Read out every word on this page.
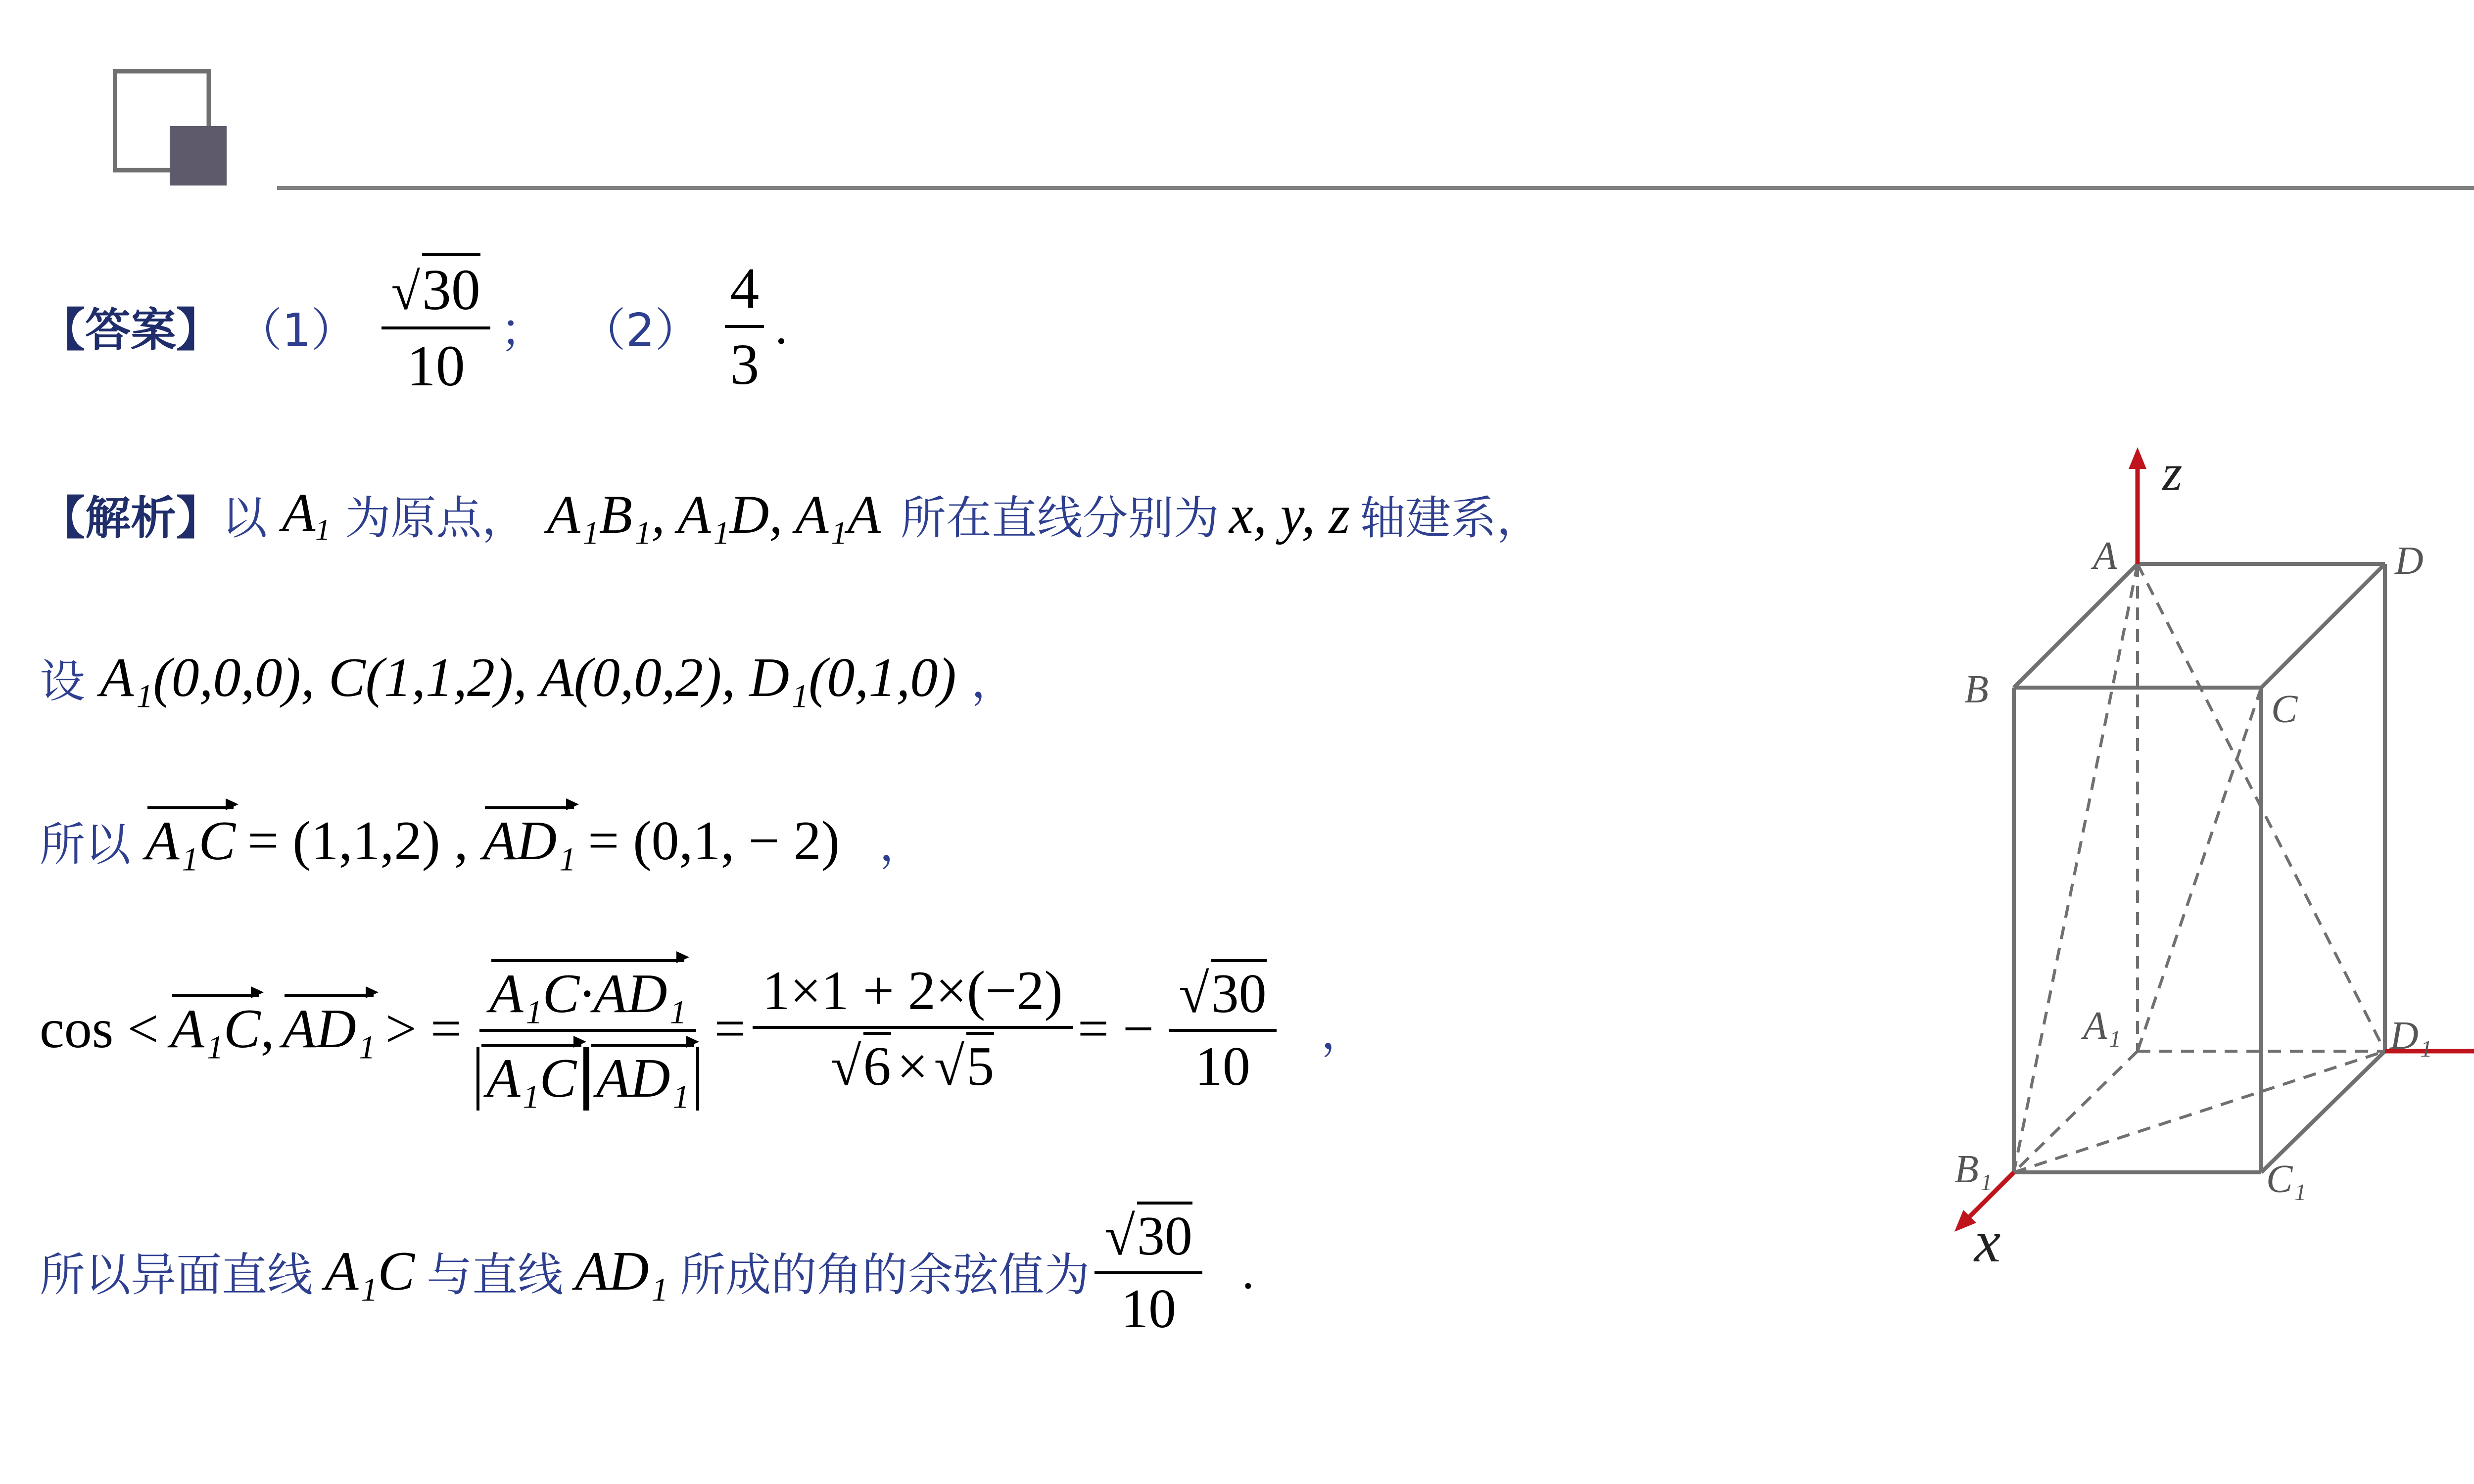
【答案】 $(1) \frac{√30}{10}$ ； $(2) \frac{4}{3}$ .
【解析】 以 $A_1$ 为原点， A₁B₁, A₁D, A₁A 所在直线分别为 x, y, z 轴建系，
设 A₁(0,0,0), C(1,1,2), A(0,0,2), D₁(0,1,0) ，
所以 A₁C = (1,1,2) , AD₁ = (0,1, − 2) ，
cos < A₁C , AD₁ > = $\frac{\text{A₁C·AD₁}}{\text{A₁C AD₁}} = \frac{1\times 1 + 2\times(-2)}{√6 \times √5}$ = − $\frac{√30}{10}$ ，
所以异面直线 A₁C 与直线 AD₁ 所成的角的余弦值为 $\frac{√30}{10}$ .
z
x
A	D
B	C
A₁	D₁
B₁	C₁
